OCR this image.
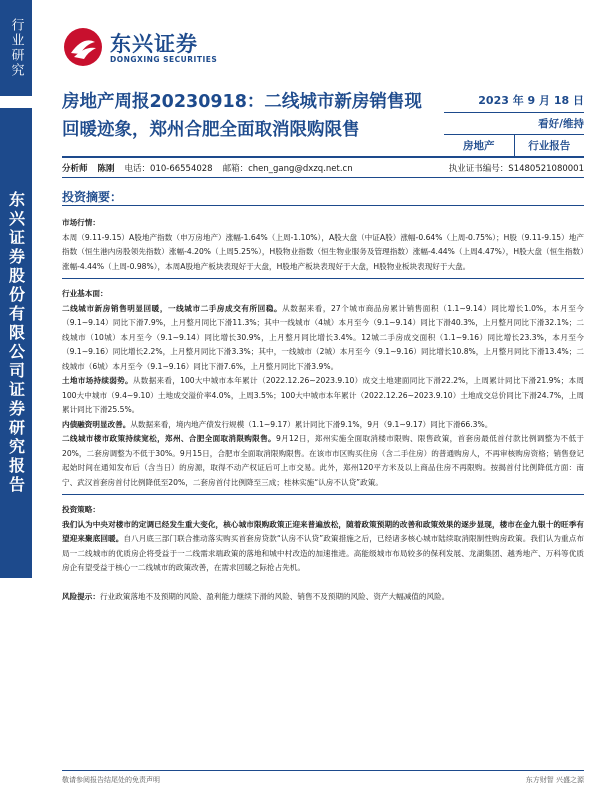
行业研究
东兴证券股份有限公司证券研究报告
东兴证券
DONGXING SECURITIES
房地产周报20230918：二线城市新房销售现回暖迹象，郑州合肥全面取消限购限售
2023 年 9 月 18 日
看好/维持
房地产	行业报告
分析师 陈刚 电话：010-66554028 邮箱：chen_gang@dxzq.net.cn	执业证书编号：S1480521080001
投资摘要：
市场行情：

本周（9.11-9.15）A股地产指数（申万房地产）涨幅-1.64%（上周-1.10%），A股大盘（中证A股）涨幅-0.64%（上周-0.75%）；H股（9.11-9.15）地产指数（恒生港内房股领先指数）涨幅-4.20%（上周5.25%），H股物业指数（恒生物业服务及管理指数）涨幅-4.44%（上周4.47%），H股大盘（恒生指数）涨幅-4.44%（上周-0.98%），本周A股地产板块表现好于大盘，H股地产板块表现好于大盘，H股物业板块表现好于大盘。

行业基本面：

二线城市新房销售明显回暖，一线城市二手房成交有所回稳。从数据来看，27个城市商品房累计销售面积（1.1~9.14）同比增长1.0%，本月至今（9.1~9.14）同比下滑7.9%，上月整月同比下滑11.3%；其中一线城市（4城）本月至今（9.1~9.14）同比下滑40.3%，上月整月同比下滑32.1%；二线城市（10城）本月至今（9.1~9.14）同比增长30.9%，上月整月同比增长3.4%。12城二手房成交面积（1.1~9.16）同比增长23.3%，本月至今（9.1~9.16）同比增长2.2%，上月整月同比下滑3.3%；其中，一线城市（2城）本月至今（9.1~9.16）同比增长10.8%，上月整月同比下滑13.4%；二线城市（6城）本月至今（9.1~9.16）同比下滑7.6%，上月整月同比下滑3.9%。

土地市场持续弱势。从数据来看，100大中城市本年累计（2022.12.26~2023.9.10）成交土地建面同比下滑22.2%，上周累计同比下滑21.9%；本周100大中城市（9.4~9.10）土地成交溢价率4.0%，上周3.5%；100大中城市本年累计（2022.12.26~2023.9.10）土地成交总价同比下滑24.7%，上周累计同比下滑25.5%。

内债融资明显改善。从数据来看，境内地产债发行规模（1.1~9.17）累计同比下滑9.1%，9月（9.1~9.17）同比下滑66.3%。

二线城市楼市政策持续宽松，郑州、合肥全面取消限购限售。9月12日，郑州实施全面取消楼市限购、限售政策，首套房最低首付款比例调整为不低于20%，二套房调整为不低于30%。9月15日，合肥市全面取消限购限售。在该市市区购买住房（含二手住房）的普通购房人，不再审核购房资格；销售登记起始时间在通知发布后（含当日）的房源，取得不动产权证后可上市交易。此外，郑州120平方米及以上商品住房不再限购。按揭首付比例降低方面：南宁、武汉首套房首付比例降低至20%，二套房首付比例降至三成；桂林实施“认房不认贷”政策。

投资策略：

我们认为中央对楼市的定调已经发生重大变化，核心城市限购政策正迎来普遍放松，随着政策预期的改善和政策效果的逐步显现，楼市在金九银十的旺季有望迎来聚底回暖。自八月底三部门联合推动落实购买首套房贷款“认房不认贷”政策措施之后，已经诸多核心城市陆续取消限制性购房政策。我们认为重点布局一二线城市的优质房企将受益于一二线需求端政策的落地和城中村改造的加速推进。高能级城市布局较多的保利发展、龙湖集团、越秀地产、万科等优质房企有望受益于核心一二线城市的政策改善，在需求回暖之际抢占先机。

风险提示：行业政策落地不及预期的风险、盈利能力继续下滑的风险、销售不及预期的风险、资产大幅减值的风险。

敬请参阅报告结尾处的免责声明	东方财智 兴盛之源
